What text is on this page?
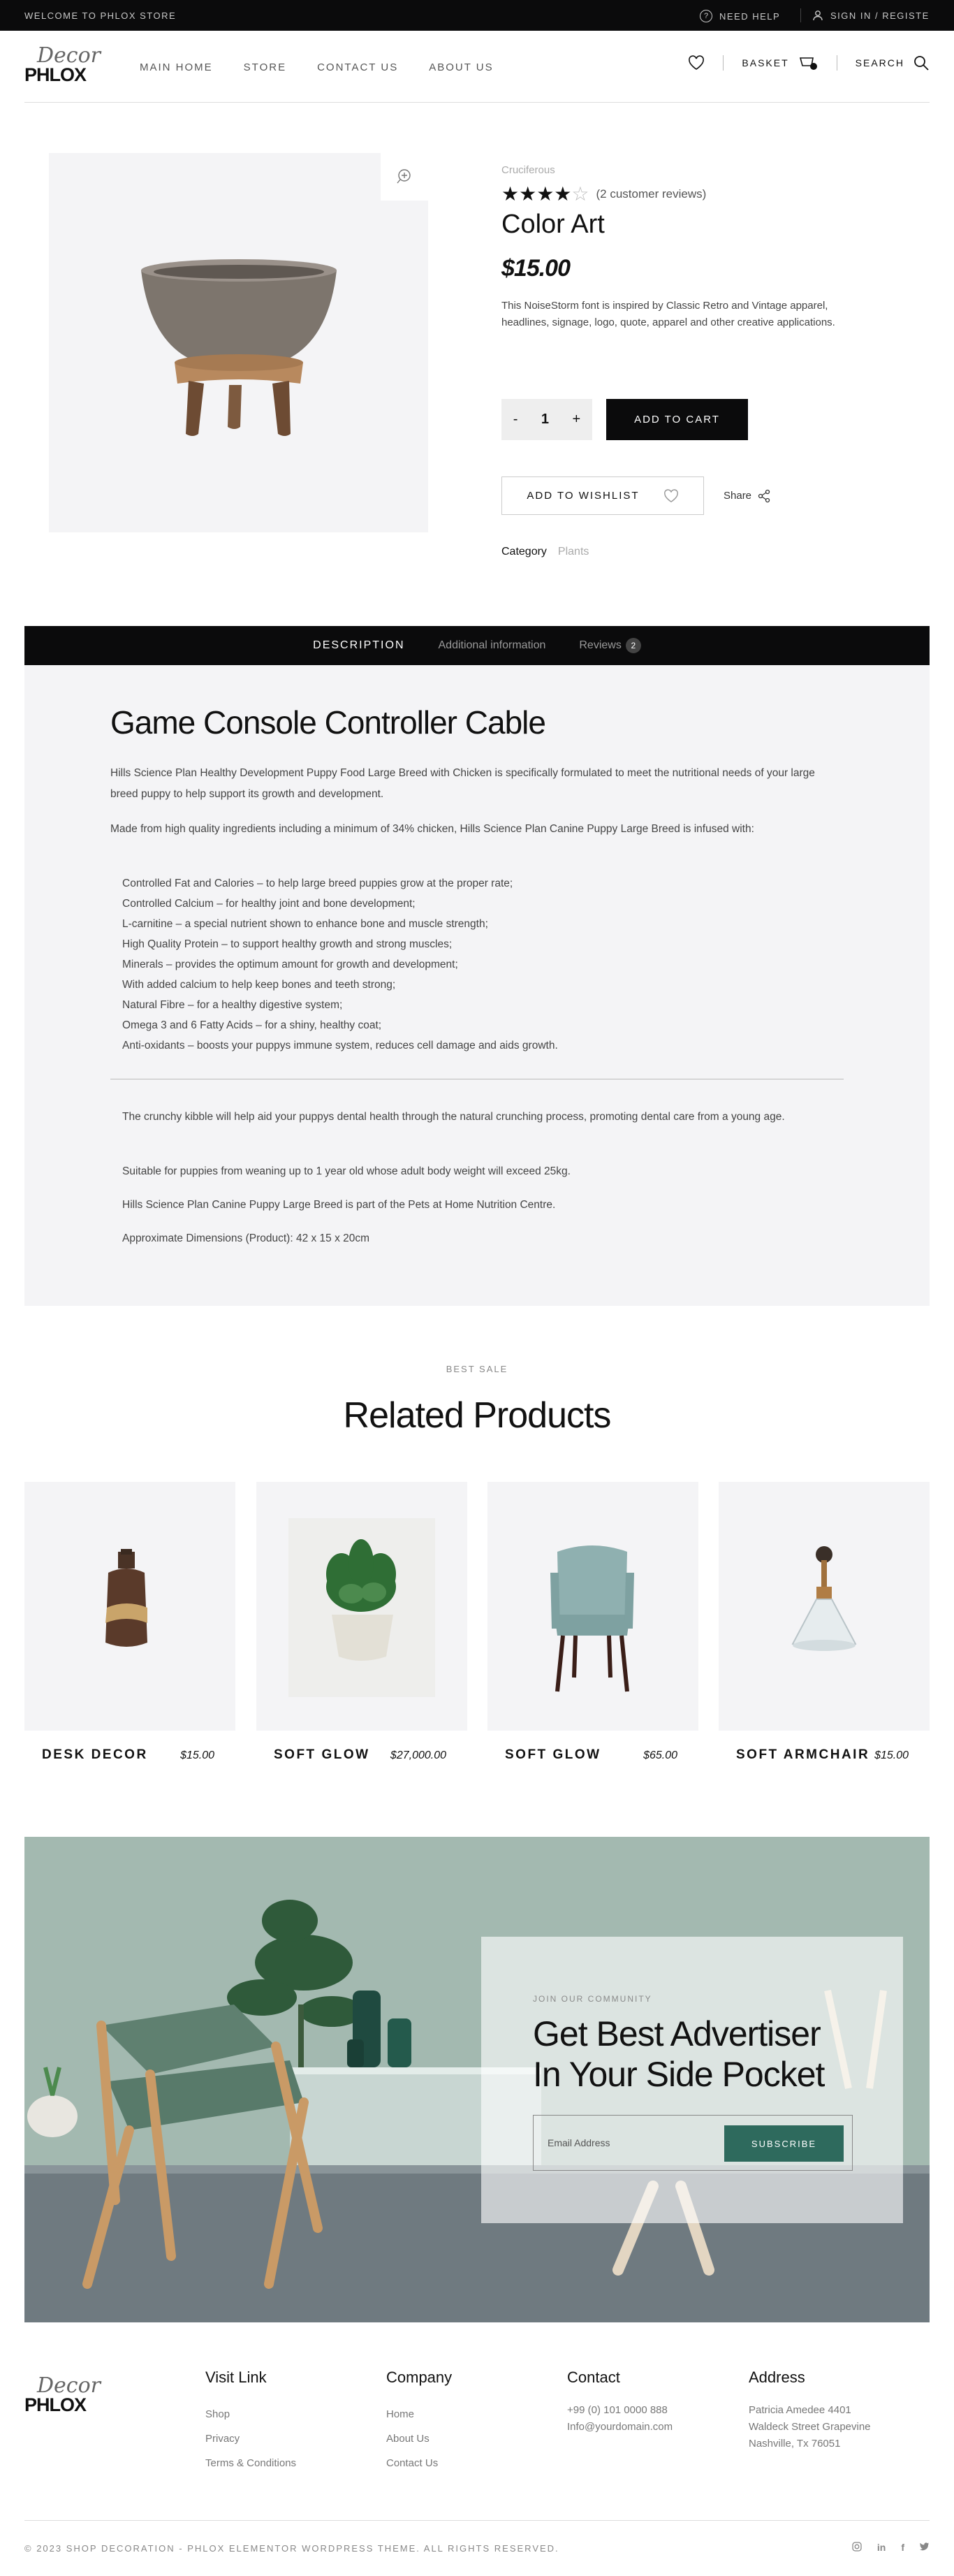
WELCOME TO PHLOX STORE	?	NEED HELP	SIGN IN / REGISTE
Decor
PHLOX	MAIN HOME	STORE	CONTACT US	ABOUT US	BASKET	SEARCH
Cruciferous
★★★★☆ (2 customer reviews)
Color Art
$15.00
This NoiseStorm font is inspired by Classic Retro and Vintage apparel, headlines, signage, logo, quote, apparel and other creative applications.
- 1 +	ADD TO CART
ADD TO WISHLIST	Share
Category Plants
DESCRIPTION	Additional information	Reviews 2
Game Console Controller Cable

Hills Science Plan Healthy Development Puppy Food Large Breed with Chicken is specifically formulated to meet the nutritional needs of your large breed puppy to help support its growth and development.

Made from high quality ingredients including a minimum of 34% chicken, Hills Science Plan Canine Puppy Large Breed is infused with:

Controlled Fat and Calories – to help large breed puppies grow at the proper rate;
Controlled Calcium – for healthy joint and bone development;
L-carnitine – a special nutrient shown to enhance bone and muscle strength;
High Quality Protein – to support healthy growth and strong muscles;
Minerals – provides the optimum amount for growth and development;
With added calcium to help keep bones and teeth strong;
Natural Fibre – for a healthy digestive system;
Omega 3 and 6 Fatty Acids – for a shiny, healthy coat;
Anti-oxidants – boosts your puppys immune system, reduces cell damage and aids growth.

The crunchy kibble will help aid your puppys dental health through the natural crunching process, promoting dental care from a young age.

Suitable for puppies from weaning up to 1 year old whose adult body weight will exceed 25kg.

Hills Science Plan Canine Puppy Large Breed is part of the Pets at Home Nutrition Centre.

Approximate Dimensions (Product): 42 x 15 x 20cm

BEST SALE
Related Products
DESK DECOR	$15.00	SOFT GLOW $27,000.00	SOFT GLOW	$65.00	SOFT ARMCHAIR $15.00
JOIN OUR COMMUNITY
Get Best Advertiser
In Your Side Pocket
Email Address
SUBSCRIBE
Decor
PHLOX
Visit Link
Shop
Privacy
Terms & Conditions
Company
Home
About Us
Contact Us
Contact
+99 (0) 101 0000 888
Info@yourdomain.com
Address
Patricia Amedee 4401
Waldeck Street Grapevine
Nashville, Tx 76051
© 2023 SHOP DECORATION - PHLOX ELEMENTOR WORDPRESS THEME. ALL RIGHTS RESERVED.	in f
